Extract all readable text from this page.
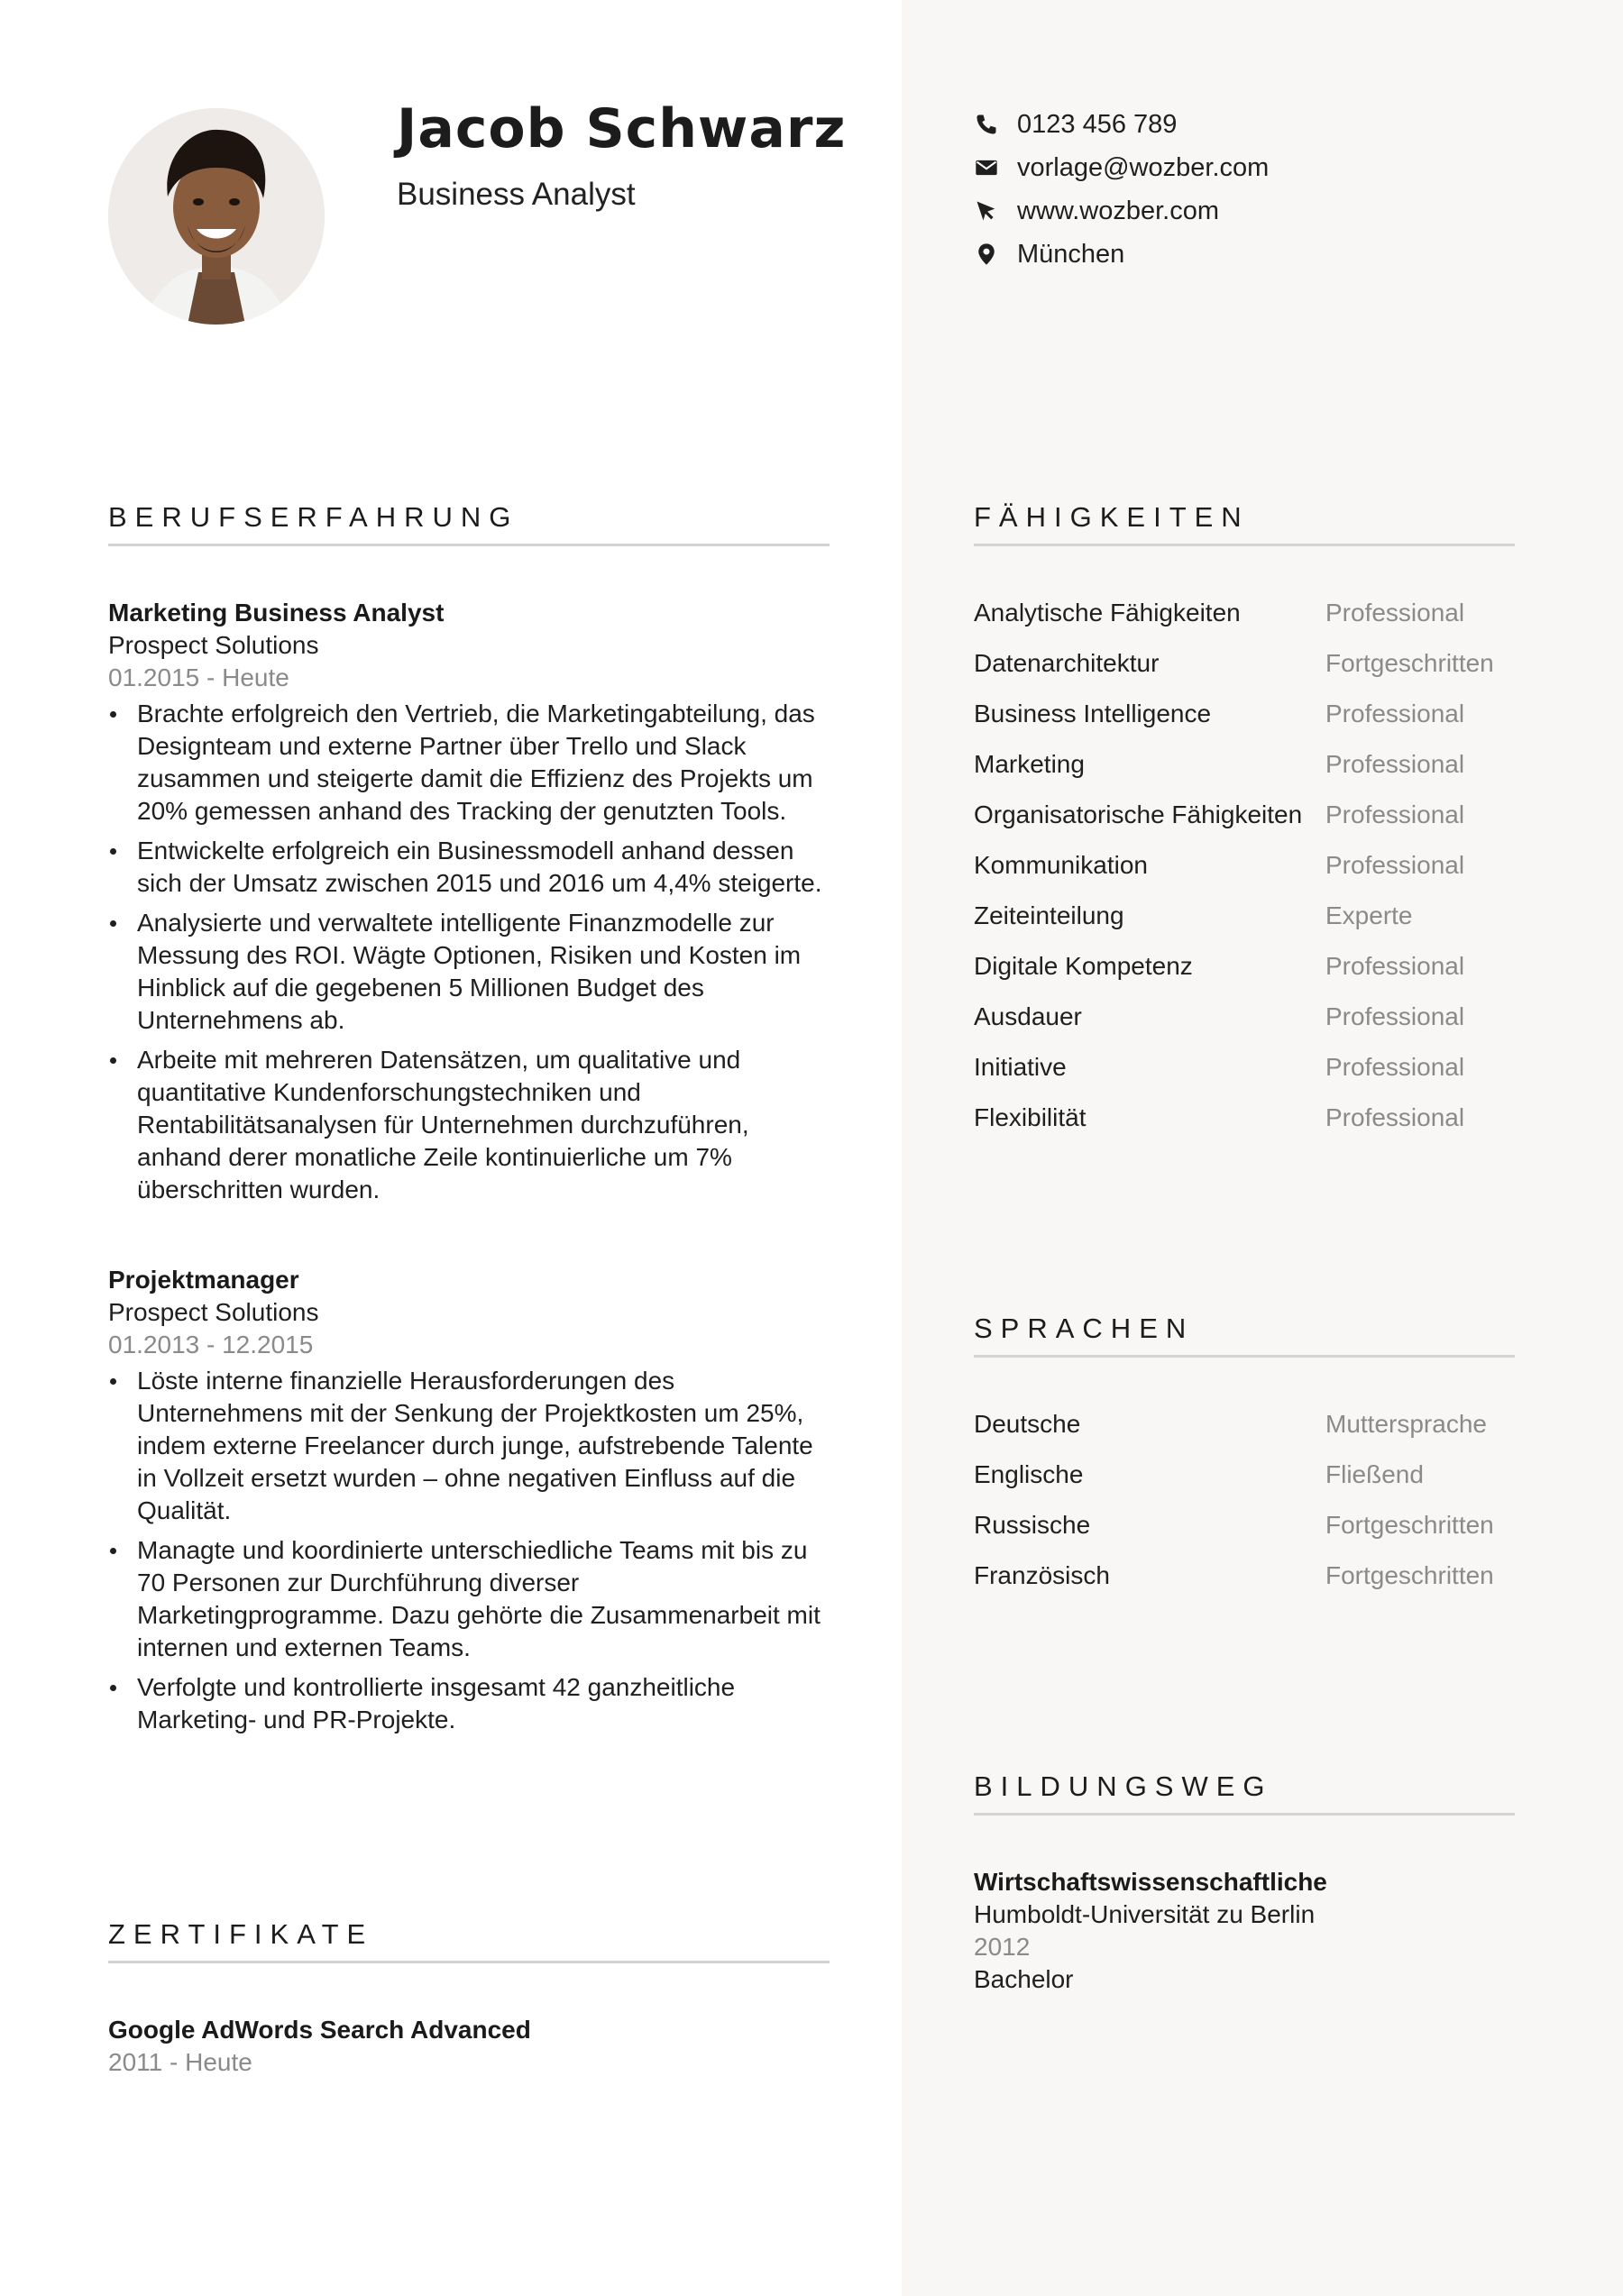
Jacob Schwarz
Business Analyst
0123 456 789
vorlage@wozber.com
www.wozber.com
München
BERUFSERFAHRUNG
Marketing Business Analyst
Prospect Solutions
01.2015 - Heute
Brachte erfolgreich den Vertrieb, die Marketingabteilung, das Designteam und externe Partner über Trello und Slack zusammen und steigerte damit die Effizienz des Projekts um 20% gemessen anhand des Tracking der genutzten Tools.
Entwickelte erfolgreich ein Businessmodell anhand dessen sich der Umsatz zwischen 2015 und 2016 um 4,4% steigerte.
Analysierte und verwaltete intelligente Finanzmodelle zur Messung des ROI. Wägte Optionen, Risiken und Kosten im Hinblick auf die gegebenen 5 Millionen Budget des Unternehmens ab.
Arbeite mit mehreren Datensätzen, um qualitative und quantitative Kundenforschungstechniken und Rentabilitätsanalysen für Unternehmen durchzuführen, anhand derer monatliche Zeile kontinuierliche um 7% überschritten wurden.
Projektmanager
Prospect Solutions
01.2013 - 12.2015
Löste interne finanzielle Herausforderungen des Unternehmens mit der Senkung der Projektkosten um 25%, indem externe Freelancer durch junge, aufstrebende Talente in Vollzeit ersetzt wurden – ohne negativen Einfluss auf die Qualität.
Managte und koordinierte unterschiedliche Teams mit bis zu 70 Personen zur Durchführung diverser Marketingprogramme. Dazu gehörte die Zusammenarbeit mit internen und externen Teams.
Verfolgte und kontrollierte insgesamt 42 ganzheitliche Marketing- und PR-Projekte.
ZERTIFIKATE
Google AdWords Search Advanced
2011 - Heute
FÄHIGKEITEN
Analytische Fähigkeiten	Professional
Datenarchitektur	Fortgeschritten
Business Intelligence	Professional
Marketing	Professional
Organisatorische Fähigkeiten Professional
Kommunikation	Professional
Zeiteinteilung	Experte
Digitale Kompetenz	Professional
Ausdauer	Professional
Initiative	Professional
Flexibilität	Professional
SPRACHEN
Deutsche	Muttersprache
Englische	Fließend
Russische	Fortgeschritten
Französisch	Fortgeschritten
BILDUNGSWEG
Wirtschaftswissenschaftliche
Humboldt-Universität zu Berlin
2012
Bachelor
